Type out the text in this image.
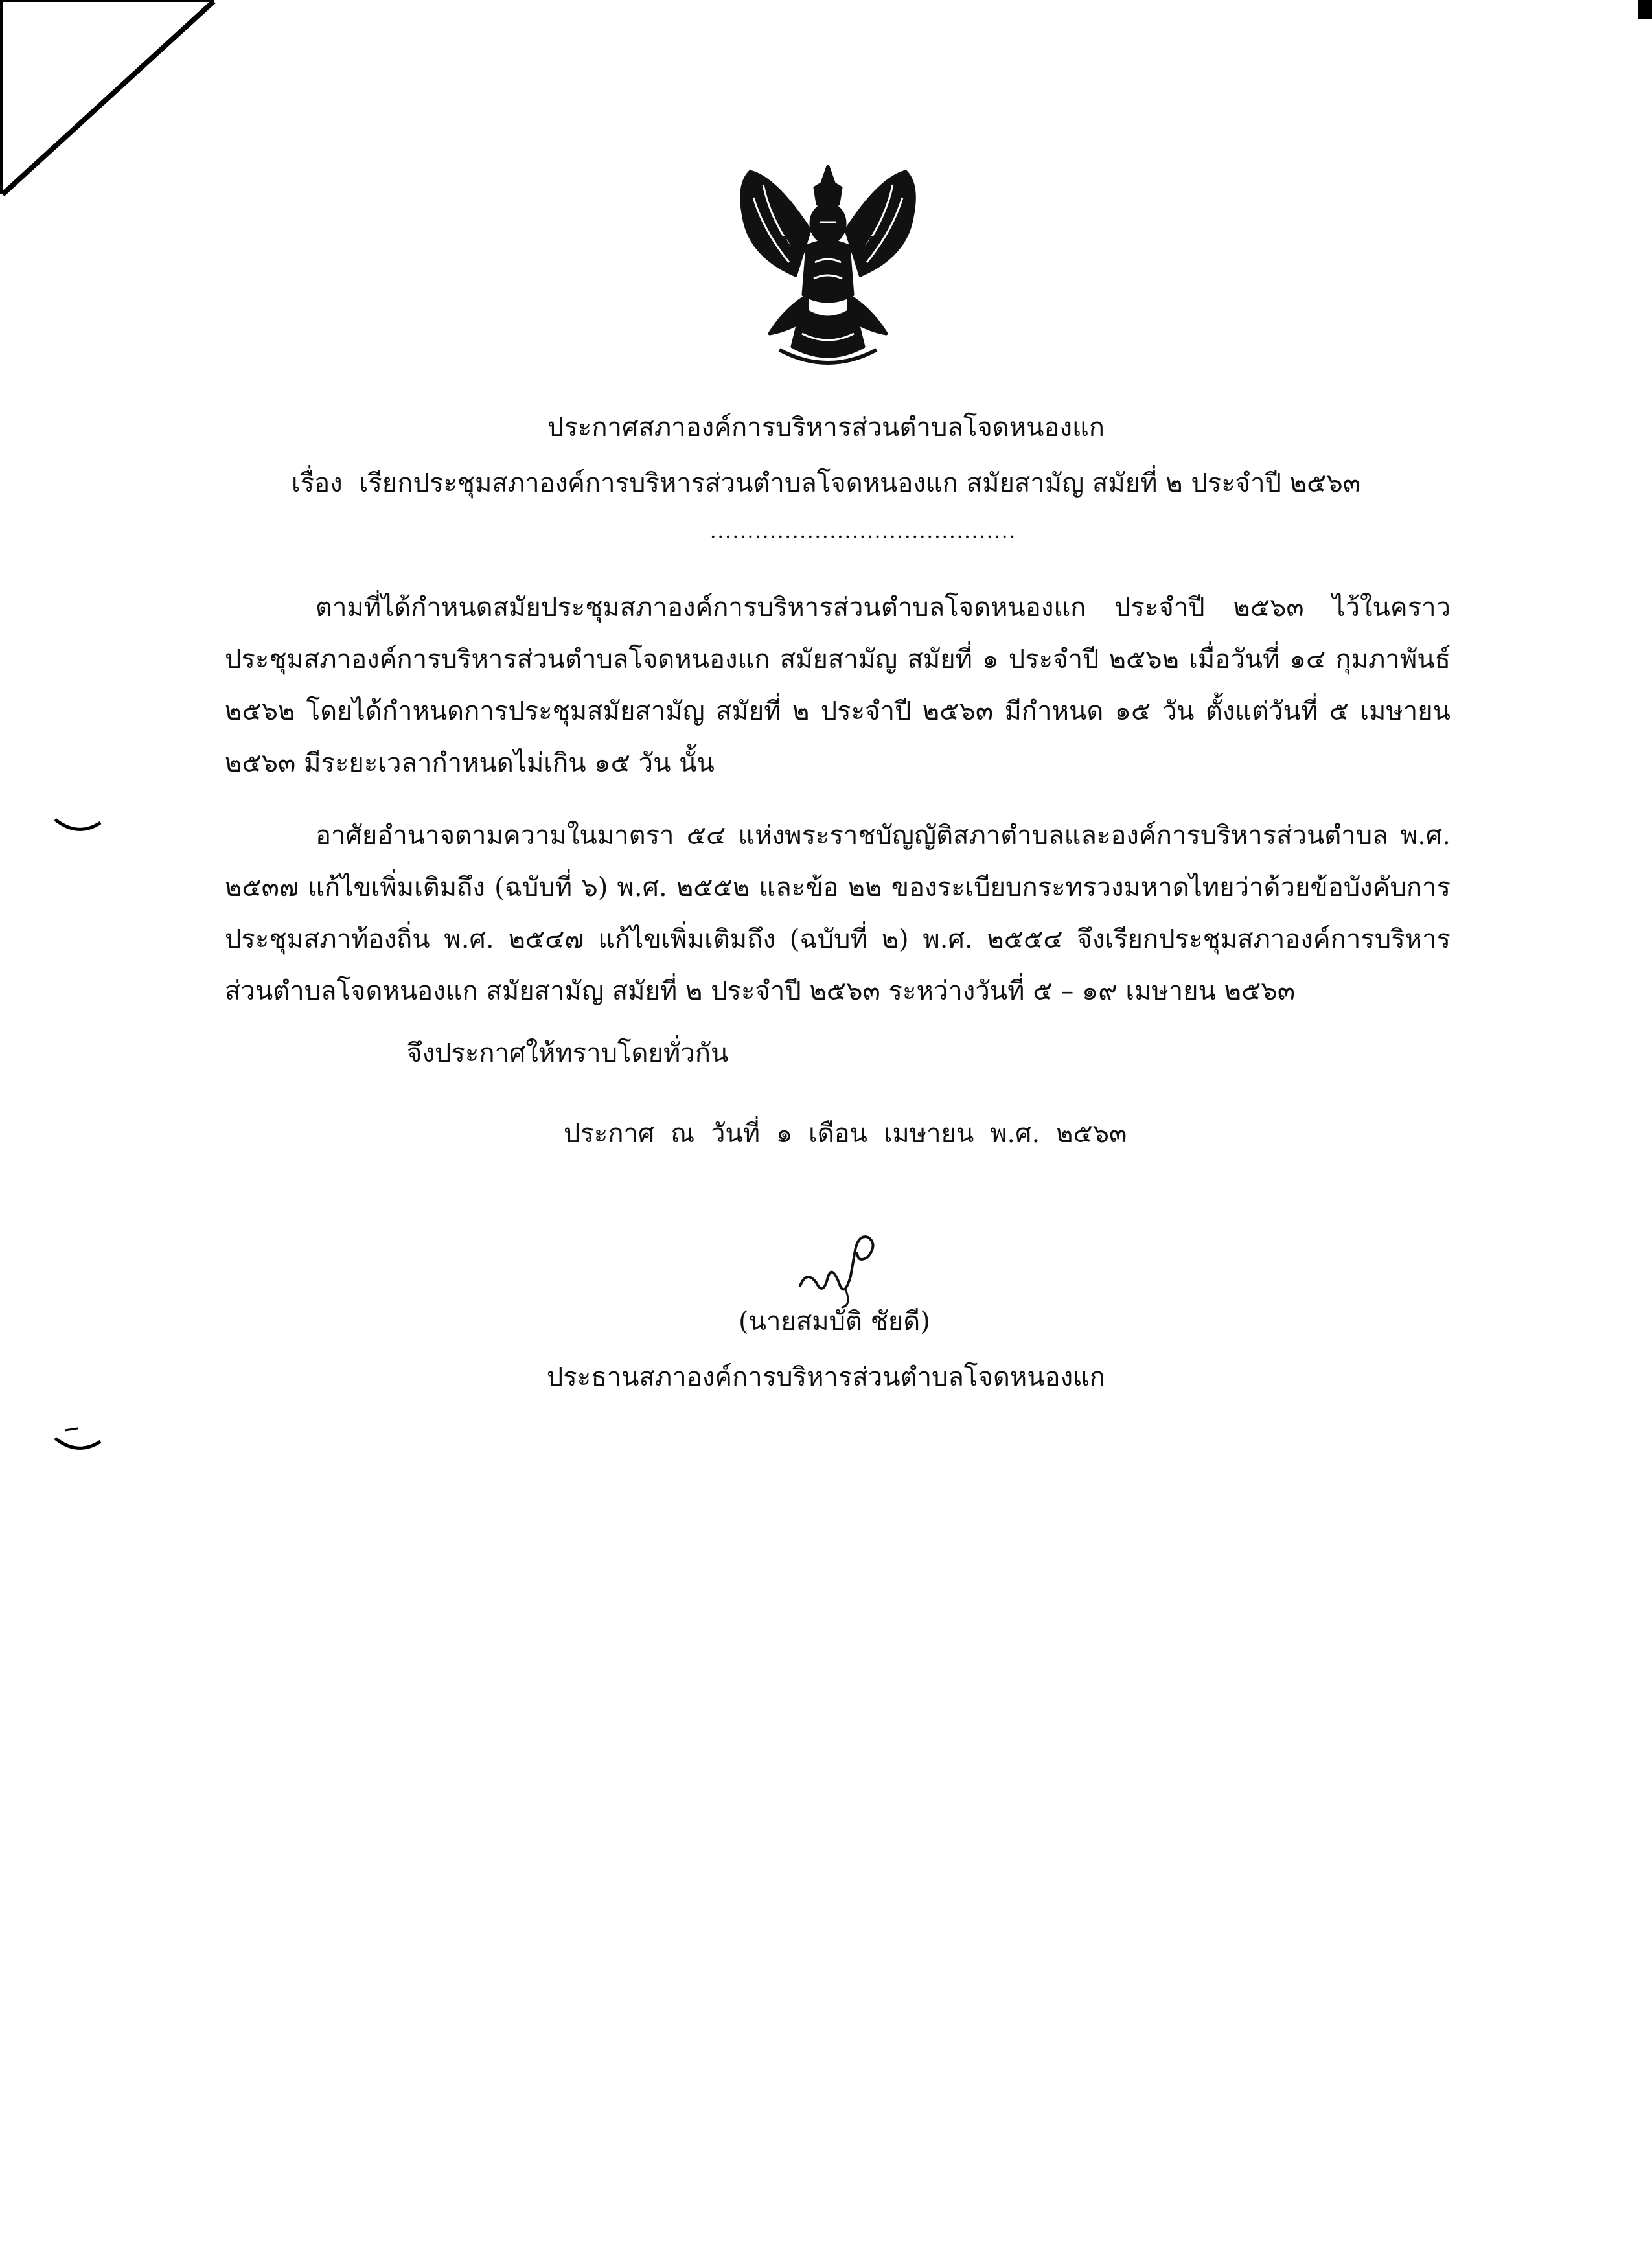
ประกาศสภาองค์การบริหารส่วนตำบลโจดหนองแก
เรื่อง เรียกประชุมสภาองค์การบริหารส่วนตำบลโจดหนองแก สมัยสามัญ สมัยที่ ๒ ประจำปี ๒๕๖๓
.........................................
ตามที่ได้กำหนดสมัยประชุมสภาองค์การบริหารส่วนตำบลโจดหนองแก ประจำปี ๒๕๖๓ ไว้ในคราวประชุมสภาองค์การบริหารส่วนตำบลโจดหนองแก สมัยสามัญ สมัยที่ ๑ ประจำปี ๒๕๖๒ เมื่อวันที่ ๑๔ กุมภาพันธ์ ๒๕๖๒ โดยได้กำหนดการประชุมสมัยสามัญ สมัยที่ ๒ ประจำปี ๒๕๖๓ มีกำหนด ๑๕ วัน ตั้งแต่วันที่ ๕ เมษายน ๒๕๖๓ มีระยะเวลากำหนดไม่เกิน ๑๕ วัน นั้น
อาศัยอำนาจตามความในมาตรา ๕๔ แห่งพระราชบัญญัติสภาตำบลและองค์การบริหารส่วนตำบล พ.ศ. ๒๕๓๗ แก้ไขเพิ่มเติมถึง (ฉบับที่ ๖) พ.ศ. ๒๕๕๒ และข้อ ๒๒ ของระเบียบกระทรวงมหาดไทยว่าด้วยข้อบังคับการประชุมสภาท้องถิ่น พ.ศ. ๒๕๔๗ แก้ไขเพิ่มเติมถึง (ฉบับที่ ๒) พ.ศ. ๒๕๕๔ จึงเรียกประชุมสภาองค์การบริหารส่วนตำบลโจดหนองแก สมัยสามัญ สมัยที่ ๒ ประจำปี ๒๕๖๓ ระหว่างวันที่ ๕ – ๑๙ เมษายน ๒๕๖๓
จึงประกาศให้ทราบโดยทั่วกัน
ประกาศ ณ วันที่ ๑ เดือน เมษายน พ.ศ. ๒๕๖๓
(นายสมบัติ ชัยดี)
ประธานสภาองค์การบริหารส่วนตำบลโจดหนองแก
